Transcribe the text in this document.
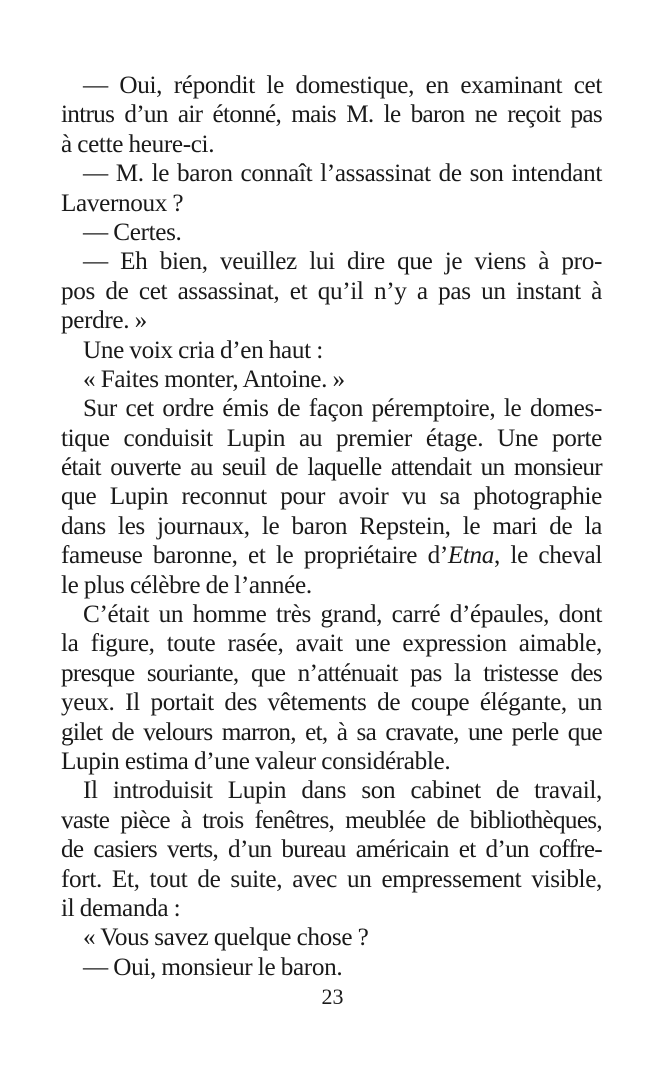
— Oui, répondit le domestique, en examinant cet
intrus d’un air étonné, mais M. le baron ne reçoit pas
à cette heure-ci.
— M. le baron connaît l’assassinat de son intendant
Lavernoux ?
— Certes.
— Eh bien, veuillez lui dire que je viens à pro-
pos de cet assassinat, et qu’il n’y a pas un instant à
perdre. »
Une voix cria d’en haut :
« Faites monter, Antoine. »
Sur cet ordre émis de façon péremptoire, le domes-
tique conduisit Lupin au premier étage. Une porte
était ouverte au seuil de laquelle attendait un monsieur
que Lupin reconnut pour avoir vu sa photographie
dans les journaux, le baron Repstein, le mari de la
fameuse baronne, et le propriétaire d’Etna, le cheval
le plus célèbre de l’année.
C’était un homme très grand, carré d’épaules, dont
la figure, toute rasée, avait une expression aimable,
presque souriante, que n’atténuait pas la tristesse des
yeux. Il portait des vêtements de coupe élégante, un
gilet de velours marron, et, à sa cravate, une perle que
Lupin estima d’une valeur considérable.
Il introduisit Lupin dans son cabinet de travail,
vaste pièce à trois fenêtres, meublée de bibliothèques,
de casiers verts, d’un bureau américain et d’un coffre-
fort. Et, tout de suite, avec un empressement visible,
il demanda :
« Vous savez quelque chose ?
— Oui, monsieur le baron.
23
